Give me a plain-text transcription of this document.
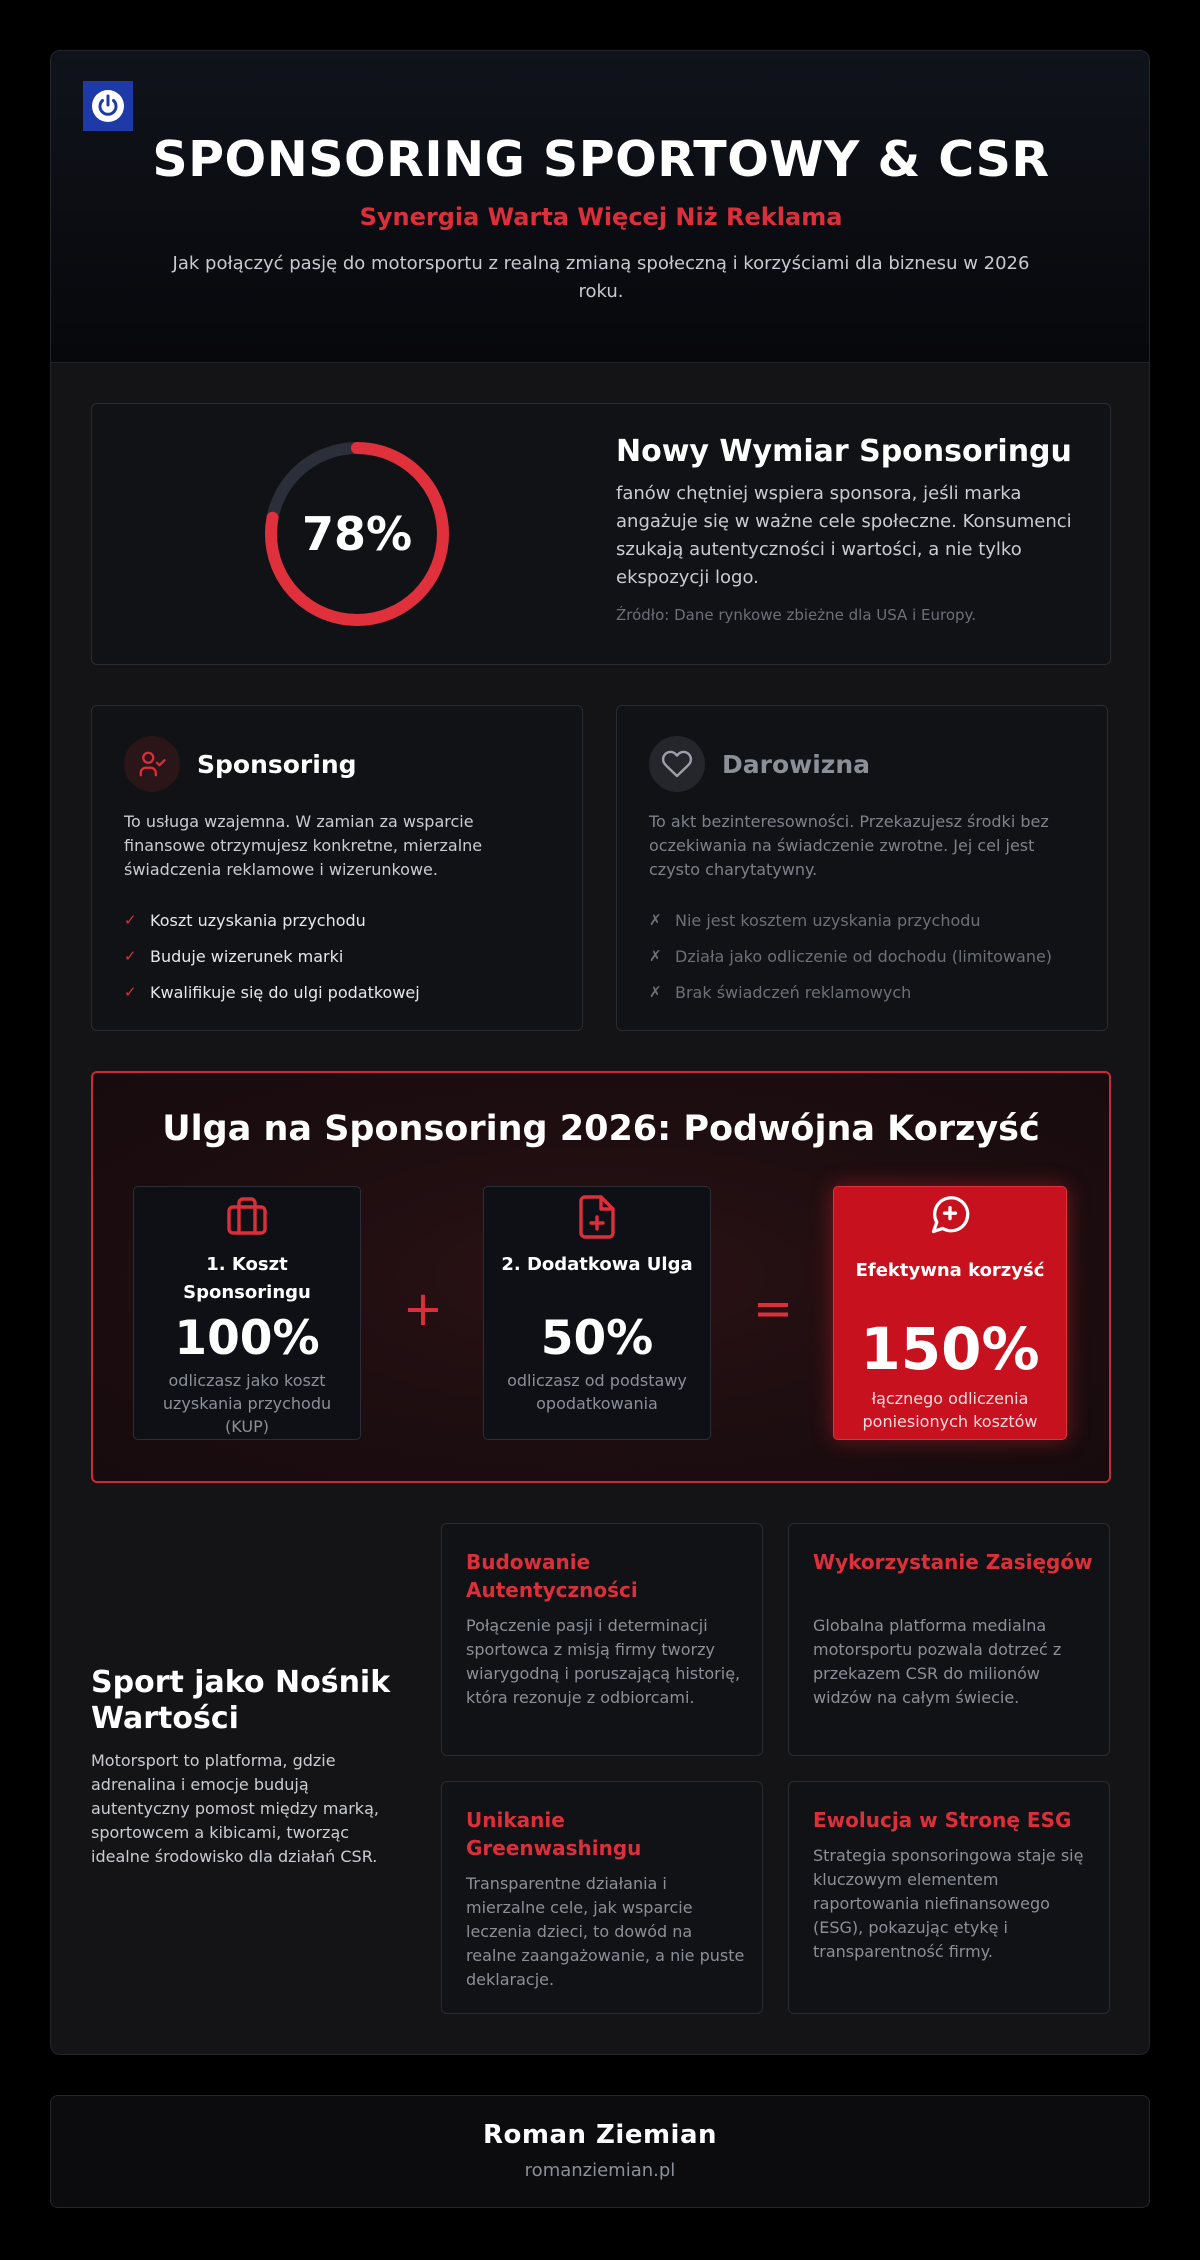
SPONSORING SPORTOWY & CSR
Synergia Warta Więcej Niż Reklama
Jak połączyć pasję do motorsportu z realną zmianą społeczną i korzyściami dla biznesu w 2026 roku.
78%
Nowy Wymiar Sponsoringu
fanów chętniej wspiera sponsora, jeśli marka angażuje się w ważne cele społeczne. Konsumenci szukają autentyczności i wartości, a nie tylko ekspozycji logo.
Źródło: Dane rynkowe zbieżne dla USA i Europy.
Sponsoring
To usługa wzajemna. W zamian za wsparcie finansowe otrzymujesz konkretne, mierzalne świadczenia reklamowe i wizerunkowe.
✓ Koszt uzyskania przychodu
✓ Buduje wizerunek marki
✓ Kwalifikuje się do ulgi podatkowej
Darowizna
To akt bezinteresowności. Przekazujesz środki bez oczekiwania na świadczenie zwrotne. Jej cel jest czysto charytatywny.
✗ Nie jest kosztem uzyskania przychodu
✗ Działa jako odliczenie od dochodu (limitowane)
✗ Brak świadczeń reklamowych
Ulga na Sponsoring 2026: Podwójna Korzyść
1. Koszt Sponsoringu
100%
odliczasz jako koszt uzyskania przychodu (KUP)
+
2. Dodatkowa Ulga
50%
odliczasz od podstawy opodatkowania
=
Efektywna korzyść
150%
łącznego odliczenia poniesionych kosztów
Sport jako Nośnik Wartości
Motorsport to platforma, gdzie adrenalina i emocje budują autentyczny pomost między marką, sportowcem a kibicami, tworząc idealne środowisko dla działań CSR.
Budowanie Autentyczności
Połączenie pasji i determinacji sportowca z misją firmy tworzy wiarygodną i poruszającą historię, która rezonuje z odbiorcami.
Wykorzystanie Zasięgów
Globalna platforma medialna motorsportu pozwala dotrzeć z przekazem CSR do milionów widzów na całym świecie.
Unikanie Greenwashingu
Transparentne działania i mierzalne cele, jak wsparcie leczenia dzieci, to dowód na realne zaangażowanie, a nie puste deklaracje.
Ewolucja w Stronę ESG
Strategia sponsoringowa staje się kluczowym elementem raportowania niefinansowego (ESG), pokazując etykę i transparentność firmy.
Roman Ziemian
romanziemian.pl
